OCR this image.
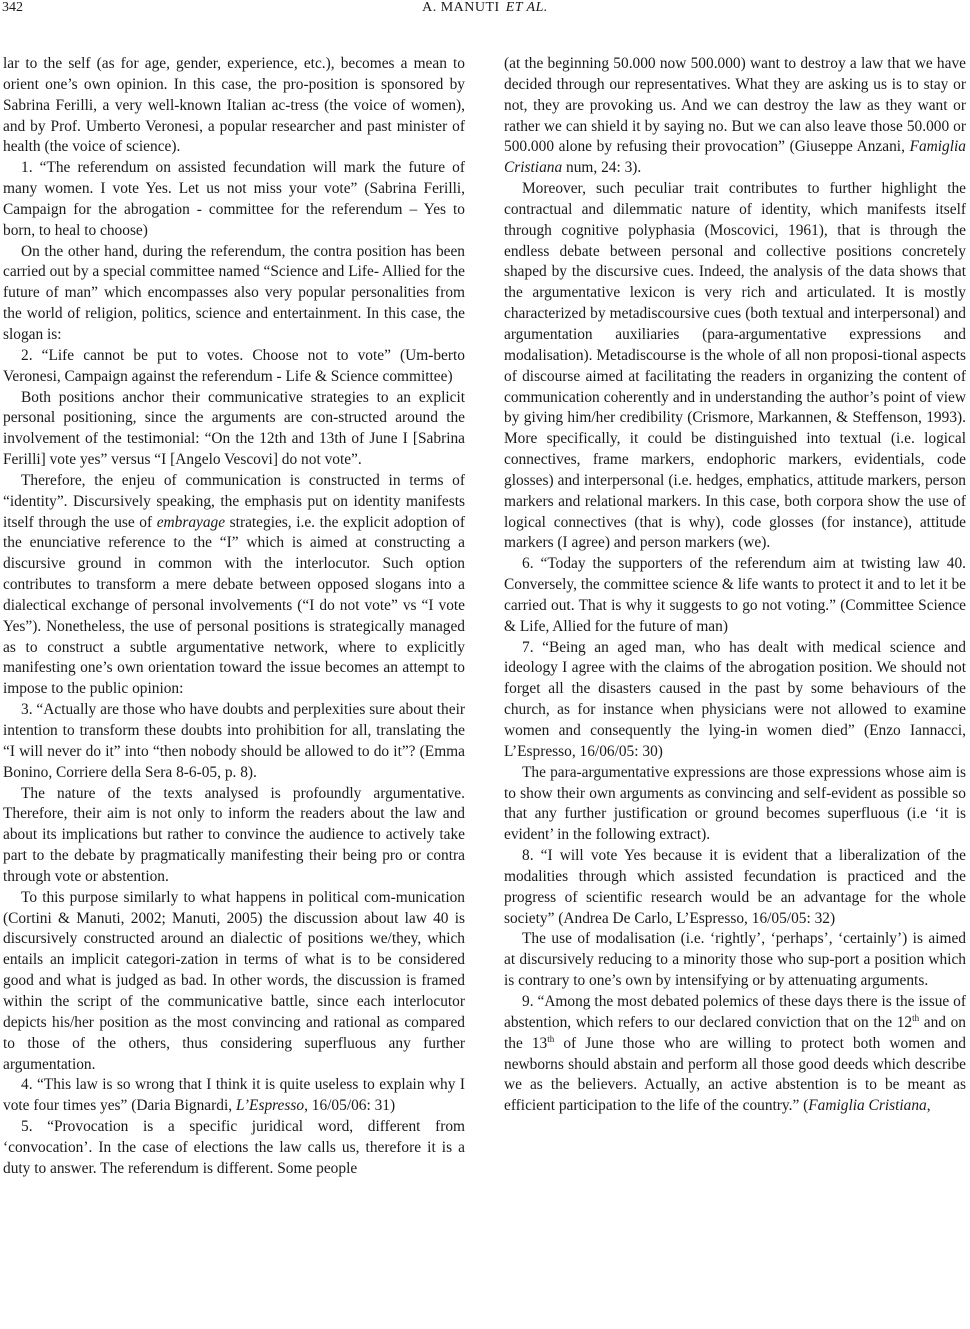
342	A. MANUTI ET AL.

lar to the self (as for age, gender, experience, etc.), becomes a mean to orient one’s own opinion. In this case, the pro-position is sponsored by Sabrina Ferilli, a very well-known Italian ac-tress (the voice of women), and by Prof. Umberto Veronesi, a popular researcher and past minister of health (the voice of science).

1. “The referendum on assisted fecundation will mark the future of many women. I vote Yes. Let us not miss your vote” (Sabrina Ferilli, Campaign for the abrogation - committee for the referendum – Yes to born, to heal to choose)

On the other hand, during the referendum, the contra position has been carried out by a special committee named “Science and Life- Allied for the future of man” which encompasses also very popular personalities from the world of religion, politics, science and entertainment. In this case, the slogan is:

2. “Life cannot be put to votes. Choose not to vote” (Um-berto Veronesi, Campaign against the referendum - Life & Science committee)

Both positions anchor their communicative strategies to an explicit personal positioning, since the arguments are con-structed around the involvement of the testimonial: “On the 12th and 13th of June I [Sabrina Ferilli] vote yes” versus “I [Angelo Vescovi] do not vote”.

Therefore, the enjeu of communication is constructed in terms of “identity”. Discursively speaking, the emphasis put on identity manifests itself through the use of embrayage strategies, i.e. the explicit adoption of the enunciative reference to the “I” which is aimed at constructing a discursive ground in common with the interlocutor. Such option contributes to transform a mere debate between opposed slogans into a dialectical exchange of personal involvements (“I do not vote” vs “I vote Yes”). Nonetheless, the use of personal positions is strategically managed as to construct a subtle argumentative network, where to explicitly manifesting one’s own orientation toward the issue becomes an attempt to impose to the public opinion:

3. “Actually are those who have doubts and perplexities sure about their intention to transform these doubts into prohibition for all, translating the “I will never do it” into “then nobody should be allowed to do it”? (Emma Bonino, Corriere della Sera 8-6-05, p. 8).

The nature of the texts analysed is profoundly argumentative. Therefore, their aim is not only to inform the readers about the law and about its implications but rather to convince the audience to actively take part to the debate by pragmatically manifesting their being pro or contra through vote or abstention.

To this purpose similarly to what happens in political com-munication (Cortini & Manuti, 2002; Manuti, 2005) the discussion about law 40 is discursively constructed around an dialectic of positions we/they, which entails an implicit categori-zation in terms of what is to be considered good and what is judged as bad. In other words, the discussion is framed within the script of the communicative battle, since each interlocutor depicts his/her position as the most convincing and rational as compared to those of the others, thus considering superfluous any further argumentation.

4. “This law is so wrong that I think it is quite useless to explain why I vote four times yes” (Daria Bignardi, L’Espresso, 16/05/06: 31)

5. “Provocation is a specific juridical word, different from ‘convocation’. In the case of elections the law calls us, therefore it is a duty to answer. The referendum is different. Some people

(at the beginning 50.000 now 500.000) want to destroy a law that we have decided through our representatives. What they are asking us is to stay or not, they are provoking us. And we can destroy the law as they want or rather we can shield it by saying no. But we can also leave those 50.000 or 500.000 alone by refusing their provocation” (Giuseppe Anzani, Famiglia Cristiana num, 24: 3).

Moreover, such peculiar trait contributes to further highlight the contractual and dilemmatic nature of identity, which manifests itself through cognitive polyphasia (Moscovici, 1961), that is through the endless debate between personal and collective positions concretely shaped by the discursive cues. Indeed, the analysis of the data shows that the argumentative lexicon is very rich and articulated. It is mostly characterized by metadiscoursive cues (both textual and interpersonal) and argumentation auxiliaries (para-argumentative expressions and modalisation). Metadiscourse is the whole of all non proposi-tional aspects of discourse aimed at facilitating the readers in organizing the content of communication coherently and in understanding the author’s point of view by giving him/her credibility (Crismore, Markannen, & Steffenson, 1993). More specifically, it could be distinguished into textual (i.e. logical connectives, frame markers, endophoric markers, evidentials, code glosses) and interpersonal (i.e. hedges, emphatics, attitude markers, person markers and relational markers. In this case, both corpora show the use of logical connectives (that is why), code glosses (for instance), attitude markers (I agree) and person markers (we).

6. “Today the supporters of the referendum aim at twisting law 40. Conversely, the committee science & life wants to protect it and to let it be carried out. That is why it suggests to go not voting.” (Committee Science & Life, Allied for the future of man)

7. “Being an aged man, who has dealt with medical science and ideology I agree with the claims of the abrogation position. We should not forget all the disasters caused in the past by some behaviours of the church, as for instance when physicians were not allowed to examine women and consequently the lying-in women died” (Enzo Iannacci, L’Espresso, 16/06/05: 30)

The para-argumentative expressions are those expressions whose aim is to show their own arguments as convincing and self-evident as possible so that any further justification or ground becomes superfluous (i.e ‘it is evident’ in the following extract).

8. “I will vote Yes because it is evident that a liberalization of the modalities through which assisted fecundation is practiced and the progress of scientific research would be an advantage for the whole society” (Andrea De Carlo, L’Espresso, 16/05/05: 32)

The use of modalisation (i.e. ‘rightly’, ‘perhaps’, ‘certainly’) is aimed at discursively reducing to a minority those who sup-port a position which is contrary to one’s own by intensifying or by attenuating arguments.

9. “Among the most debated polemics of these days there is the issue of abstention, which refers to our declared conviction that on the 12th and on the 13th of June those who are willing to protect both women and newborns should abstain and perform all those good deeds which describe we as the believers. Actually, an active abstention is to be meant as efficient participation to the life of the country.” (Famiglia Cristiana,
